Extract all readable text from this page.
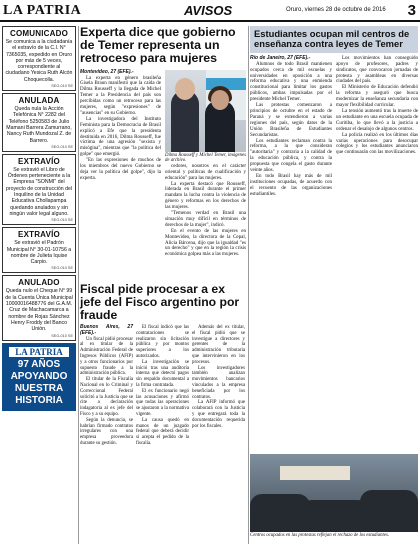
LA PATRIA	AVISOS	Oruro, viernes 28 de octubre de 2016 3
COMUNICADO
Se comunica a la ciudadanía el extravío de la C.I. N° 7365035, expedido en Oruro por más de 5 veces, correspondiente al ciudadano Yesica Ruth Alcón Choquecolla.
SEG-010 SE
ANULADA
Queda nula la Acción Telefónica N° 2282 del Teléfono 5250583 de Julio Mamani Barrera Zamurrano, Nancy Ruth Mundozal Z. de Barrero.
SEG-010 SE
EXTRAVÍO
Se extravió el Libro de Órdenes perteneciente a la Empresa "SONMI" del proyecto de construcción del Inquilino de la Unidad Educativa Chollapampa quedando anulados y sin ningún valor legal alguno.
SEG-010 SE
EXTRAVÍO
Se extravió el Padrón Municipal N° 30-01-10756 a nombre de Julieta Iquise Carpio.
SEG-010 SE
ANULADO
Queda nulo el Cheque N° 99 de la Cuenta Única Municipal 10000016488776 del G.A.M. Cruz de Machacamarca a nombre de Rojas Sánchez Henry Froddy del Banco Unión.
SEG-010 SE
LA PATRIA
97 AÑOS
APOYANDO
NUESTRA
HISTORIA
Experta dice que gobierno de Temer representa un retroceso para mujeres
Montevideo, 27 (EFE).-

La experta en género brasileña Gisela Braun manifestó que la caída de Dilma Rousseff y la llegada de Michel Temer a la Presidencia del país son percibidas como un retroceso para las mujeres, según "expresiones" de "ausencias" en su Gobierno.

La investigadora del Instituto Feminista para la Democracia de Brasil explicó a Efe que la presidenta destituida en 2016, Dilma Rousseff, fue víctima de una agresión "sexista y misógina", mientras que "la política del golpe" que emergió.

"En las expresiones de muchos de los miembros del nuevo Gobierno se deja ver la política del golpe", dijo la experta.

Dilma Rousseff y Michel Temer, imágenes de archivo.

cedores, nosotros en el carácter oriental y políticas de cualificación y educación" para las mujeres.

La experta destacó que Rousseff, liderada en Brasil durante el primer mandato la lucha contra la violencia de género y reformas en los derechos de las mujeres.

"Temenos verdad en Brasil una situación muy difícil en términos de derechos de la mujer", indicó.

En el evento de las mujeres en Montevideo, la directora de la Cepal, Alicia Bárcena, dijo que la igualdad "es un derecho" y que en la región la crisis económica golpea más a las mujeres.

Estudiantes ocupan mil centros de enseñanza contra leyes de Temer
Río de Janeiro, 27 (EFE).-

Alumnos de todo Brasil mantienen ocupados cerca de mil escuelas y universidades en oposición a una reforma educativa y una enmienda constitucional para limitar los gastos públicos, ambas impulsadas por el presidente Michel Temer.

Las protestas comenzaron a principios de octubre en el estado de Paraná y se extendieron a varias regiones del país, según datos de la Unión Brasileña de Estudiantes Secundaristas.

Los estudiantes reclaman contra la reforma, a la que consideran "autoritaria" y contraria a la calidad de la educación pública, y contra la propuesta que congela el gasto durante veinte años.

En todo Brasil hay más de mil instituciones ocupadas, de acuerdo con el recuento de las organizaciones estudiantiles.

Los movimientos han conseguido apoyo de profesores, padres y sindicatos, que convocaron jornadas de protesta y asambleas en diversas ciudades del país.

El Ministerio de Educación defendió la reforma y aseguró que busca modernizar la enseñanza secundaria con mayor flexibilidad curricular.

La tensión aumentó tras la muerte de un estudiante en una escuela ocupada de Curitiba, lo que llevó a la justicia a ordenar el desalojo de algunos centros.

La policía realizó en los últimos días varias operaciones para desocupar colegios y los estudiantes anunciaron que continuarán con las movilizaciones.

Centros ocupados en las protestas reflejan el rechazo de los estudiantes.
Fiscal pide procesar a ex jefe del Fisco argentino por fraude
Buenos Aires, 27 (EFE).-

Un fiscal pidió procesar al ex titular de la Administración Federal de Ingresos Públicos (AFIP) y a otros funcionarios por supuesto fraude a la administración pública.

El titular de la Fiscalía Nacional en lo Criminal y Correccional Federal solicitó a la Justicia que se cite a declaración indagatoria al ex jefe del Fisco y a su equipo.

Según la denuncia, se habrían firmado contratos irregulares con una empresa proveedora durante su gestión.

El fiscal indicó que las contrataciones se realizaron sin licitación pública y por montos superiores a los autorizados.

La investigación se inició tras una auditoría interna que detectó pagos sin respaldo documental a la firma contratada.

El ex funcionario negó las acusaciones y afirmó que todas las operaciones se ajustaron a la normativa vigente.

La causa quedó en manos de un juzgado federal que deberá decidir si acepta el pedido de la fiscalía.

Además del ex titular, el fiscal pidió que se investigue a directores y gerentes de la administración tributaria que intervinieron en los procesos.

Los investigadores también analizan movimientos bancarios vinculados a la empresa beneficiada por los contratos.

La AFIP informó que colaborará con la Justicia y que entregará toda la documentación requerida por los fiscales.
